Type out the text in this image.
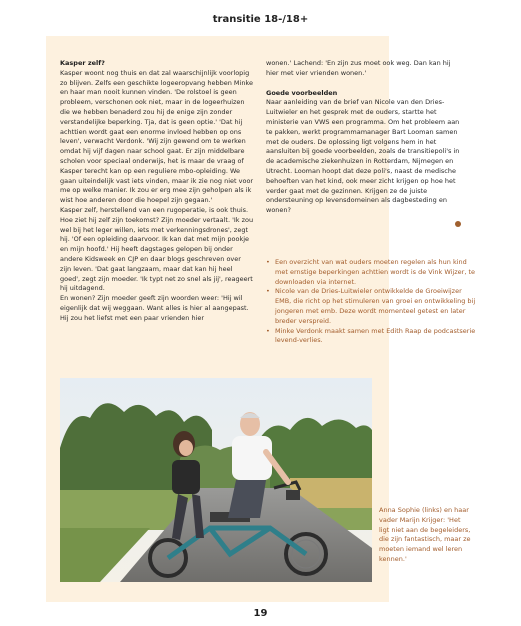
transitie 18-/18+

Kasper zelf?

Kasper woont nog thuis en dat zal waarschijnlijk voorlopig zo blijven. Zelfs een geschikte logeeropvang hebben Minke en haar man nooit kunnen vinden. 'De rolstoel is geen probleem, verschonen ook niet, maar in de logeerhuizen die we hebben benaderd zou hij de enige zijn zonder verstandelijke beperking. Tja, dat is geen optie.' 'Dat hij achttien wordt gaat een enorme invloed hebben op ons leven', verwacht Verdonk. 'Wij zijn gewend om te werken omdat hij vijf dagen naar school gaat. Er zijn middelbare scholen voor speciaal onderwijs, het is maar de vraag of Kasper terecht kan op een reguliere mbo-opleiding. We gaan uiteindelijk vast iets vinden, maar ik zie nog niet voor me op welke manier. Ik zou er erg mee zijn geholpen als ik wist hoe anderen door die hoepel zijn gegaan.'

Kasper zelf, herstellend van een rugoperatie, is ook thuis. Hoe ziet hij zelf zijn toekomst? Zijn moeder vertaalt. 'Ik zou wel bij het leger willen, iets met verkenningsdrones', zegt hij. 'Of een opleiding daarvoor. Ik kan dat met mijn pookje en mijn hoofd.' Hij heeft dagstages gelopen bij onder andere Kidsweek en CJP en daar blogs geschreven over zijn leven. 'Dat gaat langzaam, maar dat kan hij heel goed', zegt zijn moeder. 'Ik typt net zo snel als jij', reageert hij uitdagend.

En wonen? Zijn moeder geeft zijn woorden weer: 'Hij wil eigenlijk dat wij weggaan. Want alles is hier al aangepast. Hij zou het liefst met een paar vrienden hier

wonen.' Lachend: 'En zijn zus moet ook weg. Dan kan hij hier met vier vrienden wonen.'

Goede voorbeelden

Naar aanleiding van de brief van Nicole van den Dries-Luitwieler en het gesprek met de ouders, startte het ministerie van VWS een programma. Om het probleem aan te pakken, werkt programmamanager Bart Looman samen met de ouders. De oplossing ligt volgens hem in het aansluiten bij goede voorbeelden, zoals de transitiepoli's in de academische ziekenhuizen in Rotterdam, Nijmegen en Utrecht. Looman hoopt dat deze poli's, naast de medische behoeften van het kind, ook meer zicht krijgen op hoe het verder gaat met de gezinnen. Krijgen ze de juiste ondersteuning op levensdomeinen als dagbesteding en wonen?

• Een overzicht van wat ouders moeten regelen als hun kind met ernstige beperkingen achttien wordt is de Vink Wijzer, te downloaden via internet.
• Nicole van de Dries-Luitwieler ontwikkelde de Groeiwijzer EMB, die richt op het stimuleren van groei en ontwikkeling bij jongeren met emb. Deze wordt momenteel getest en later breder verspreid.
• Minke Verdonk maakt samen met Edith Raap de podcastserie levend-verlies.
Anna Sophie (links) en haar vader Marijn Krijger: 'Het ligt niet aan de begeleiders, die zijn fantastisch, maar ze moeten iemand wel leren kennen.'
19
